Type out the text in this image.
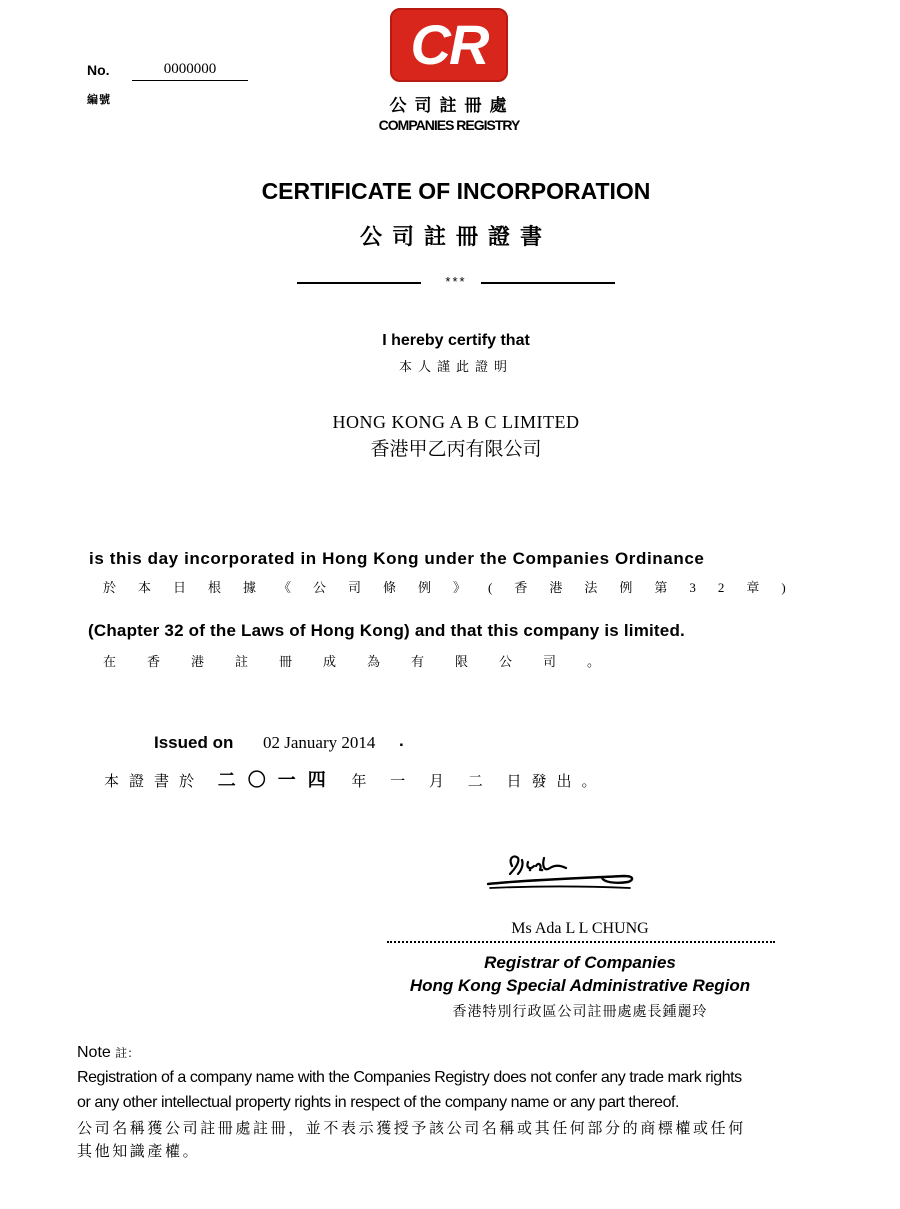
No.	0000000
編號
CR
公司註冊處
COMPANIES REGISTRY
CERTIFICATE OF INCORPORATION
公司註冊證書
***
I hereby certify that
本人謹此證明
HONG KONG A B C LIMITED
香港甲乙丙有限公司
is this day incorporated in Hong Kong under the Companies Ordinance
於本日根據《公司條例》(香港法例第32章)
(Chapter 32 of the Laws of Hong Kong) and that this company is limited.
在香港註冊成為有限公司。
Issued on 02 January 2014 .
本證書於 二〇一四 年 一 月 二 日發出。
Ms Ada L L CHUNG
Registrar of Companies
Hong Kong Special Administrative Region
香港特別行政區公司註冊處處長鍾麗玲
Note 註：
Registration of a company name with the Companies Registry does not confer any trade mark rights
or any other intellectual property rights in respect of the company name or any part thereof.
公司名稱獲公司註冊處註冊，並不表示獲授予該公司名稱或其任何部分的商標權或任何
其他知識產權。
